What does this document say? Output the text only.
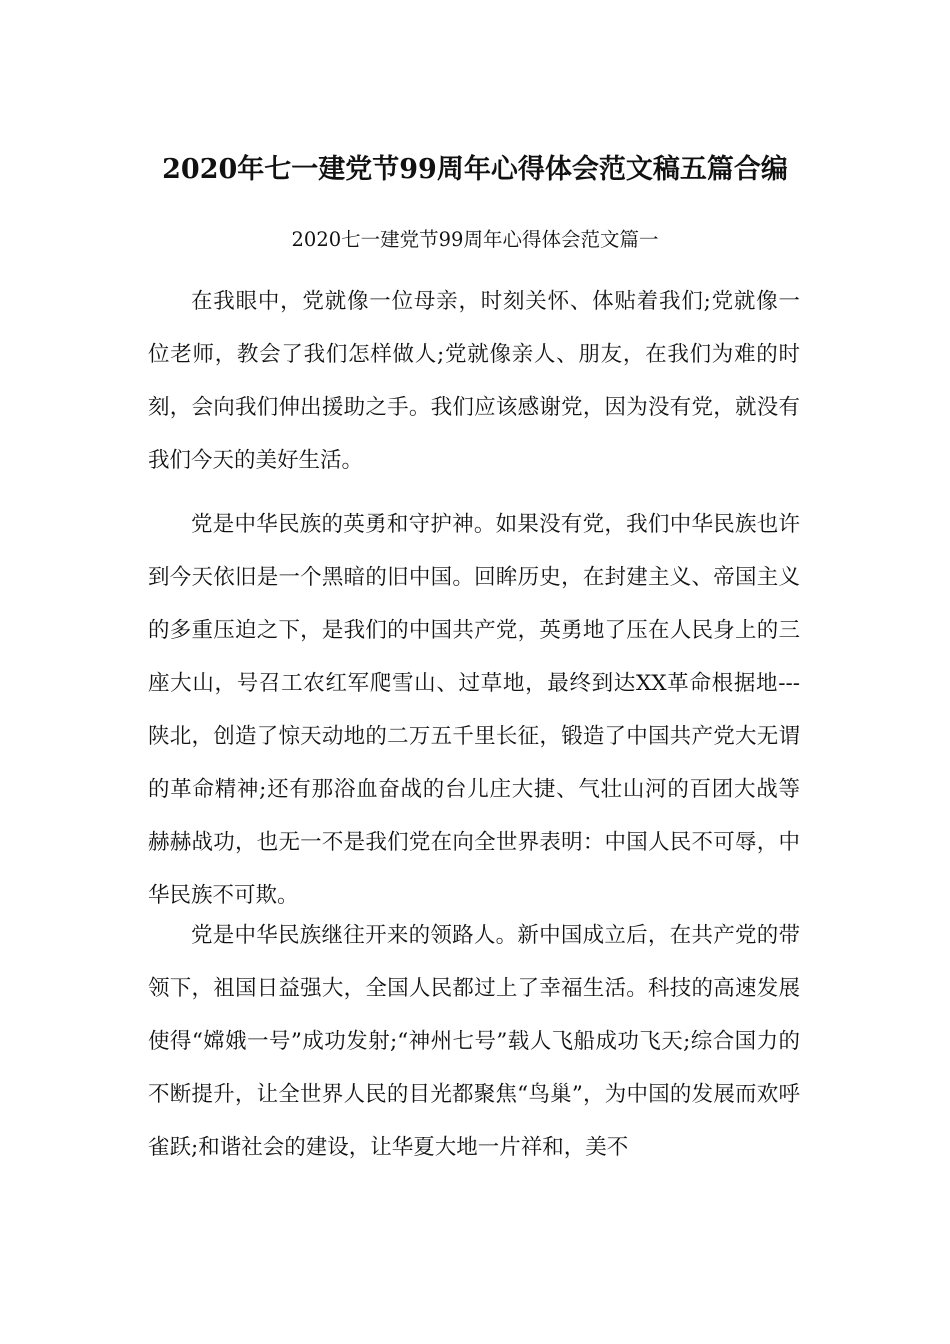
2020年七一建党节99周年心得体会范文稿五篇合编
2020七一建党节99周年心得体会范文篇一

在我眼中，党就像一位母亲，时刻关怀、体贴着我们;党就像一位老师，教会了我们怎样做人;党就像亲人、朋友，在我们为难的时刻，会向我们伸出援助之手。我们应该感谢党，因为没有党，就没有我们今天的美好生活。

党是中华民族的英勇和守护神。如果没有党，我们中华民族也许到今天依旧是一个黑暗的旧中国。回眸历史，在封建主义、帝国主义的多重压迫之下，是我们的中国共产党，英勇地了压在人民身上的三座大山，号召工农红军爬雪山、过草地，最终到达XX革命根据地---陕北，创造了惊天动地的二万五千里长征，锻造了中国共产党大无谓的革命精神;还有那浴血奋战的台儿庄大捷、气壮山河的百团大战等赫赫战功，也无一不是我们党在向全世界表明：中国人民不可辱，中华民族不可欺。

党是中华民族继往开来的领路人。新中国成立后，在共产党的带领下，祖国日益强大，全国人民都过上了幸福生活。科技的高速发展使得“嫦娥一号”成功发射;“神州七号”载人飞船成功飞天;综合国力的不断提升，让全世界人民的目光都聚焦“鸟巢”，为中国的发展而欢呼雀跃;和谐社会的建设，让华夏大地一片祥和，美不
